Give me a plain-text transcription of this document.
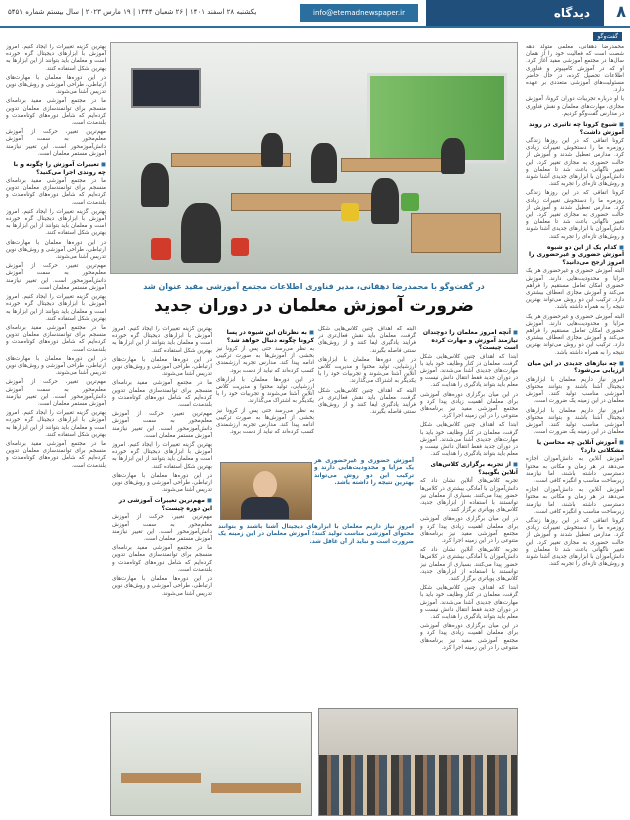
۸
دیدگاه
info@etemadnewspaper.ir
یکشنبه ۲۸ اسفند ۱۴۰۱ | ۲۶ شعبان ۱۴۴۴ | ۱۹ مارس ۲۰۲۳ | سال بیستم شماره ۵۴۵۱
گفت‌وگو

محمدرضا دهقانی، معلمی متولد دهه شصت است که فعالیت خود را از همان سال‌ها در مجتمع آموزشی مفید آغاز کرد. او که در آموزش کامپیوتر و فناوری اطلاعات تحصیل کرده، در حال حاضر مسئولیت‌های آموزشی متعددی بر عهده دارد.

با او درباره تجربیات دوران کرونا، آموزش مجازی، مهارت‌های معلمان و نقش فناوری در مدارس گفت‌وگو کردیم.

◼ شیوع کرونا چه تاثیری در روند آموزش داشت؟

کرونا اتفاقی که در این روزها زندگی روزمره ما را دستخوش تغییرات زیادی کرد. مدارس تعطیل شدند و آموزش از حالت حضوری به مجازی تغییر کرد. این تغییر ناگهانی باعث شد تا معلمان و دانش‌آموزان با ابزارهای جدیدی آشنا شوند و روش‌های تازه‌ای را تجربه کنند.

کرونا اتفاقی که در این روزها زندگی روزمره ما را دستخوش تغییرات زیادی کرد. مدارس تعطیل شدند و آموزش از حالت حضوری به مجازی تغییر کرد. این تغییر ناگهانی باعث شد تا معلمان و دانش‌آموزان با ابزارهای جدیدی آشنا شوند و روش‌های تازه‌ای را تجربه کنند.

◼ کدام یک از این دو شیوه آموزش حضوری و غیرحضوری را امروز ارجح می‌دانید؟

البته آموزش حضوری و غیرحضوری هر یک مزایا و محدودیت‌هایی دارند. آموزش حضوری امکان تعامل مستقیم را فراهم می‌کند و آموزش مجازی انعطاف بیشتری دارد. ترکیب این دو روش می‌تواند بهترین نتیجه را به همراه داشته باشد.

البته آموزش حضوری و غیرحضوری هر یک مزایا و محدودیت‌هایی دارند. آموزش حضوری امکان تعامل مستقیم را فراهم می‌کند و آموزش مجازی انعطاف بیشتری دارد. ترکیب این دو روش می‌تواند بهترین نتیجه را به همراه داشته باشد.

◼ چه نیازهای جدیدی در این میان ارزیابی می‌شود؟

امروز نیاز داریم معلمان با ابزارهای دیجیتال آشنا باشند و بتوانند محتوای آموزشی مناسب تولید کنند. آموزش معلمان در این زمینه یک ضرورت است.

امروز نیاز داریم معلمان با ابزارهای دیجیتال آشنا باشند و بتوانند محتوای آموزشی مناسب تولید کنند. آموزش معلمان در این زمینه یک ضرورت است.

◼ آموزش آنلاین چه محاسن یا مشکلاتی دارد؟

آموزش آنلاین به دانش‌آموزان اجازه می‌دهد در هر زمان و مکانی به محتوا دسترسی داشته باشند، اما نیازمند زیرساخت مناسب و انگیزه کافی است.

آموزش آنلاین به دانش‌آموزان اجازه می‌دهد در هر زمان و مکانی به محتوا دسترسی داشته باشند، اما نیازمند زیرساخت مناسب و انگیزه کافی است.

کرونا اتفاقی که در این روزها زندگی روزمره ما را دستخوش تغییرات زیادی کرد. مدارس تعطیل شدند و آموزش از حالت حضوری به مجازی تغییر کرد. این تغییر ناگهانی باعث شد تا معلمان و دانش‌آموزان با ابزارهای جدیدی آشنا شوند و روش‌های تازه‌ای را تجربه کنند.

در گفت‌وگو با محمدرضا دهقانی، مدیر فناوری اطلاعات مجتمع آموزشی مفید عنوان شد
ضرورت آموزش معلمان در دوران جدید
◼ آنچه امروز معلمان را دوچندان نیازمند آموزش و مهارت کرده است چیست؟

ابتدا که اهداف چنین کلاس‌هایی شکل گرفت، معلمان در کنار وظایف خود باید با مهارت‌های جدیدی آشنا می‌شدند. آموزش در دوران جدید فقط انتقال دانش نیست و معلم باید بتواند یادگیری را هدایت کند.

در این میان برگزاری دوره‌های آموزشی برای معلمان اهمیت زیادی پیدا کرد و مجتمع آموزشی مفید نیز برنامه‌های متنوعی را در این زمینه اجرا کرد.

ابتدا که اهداف چنین کلاس‌هایی شکل گرفت، معلمان در کنار وظایف خود باید با مهارت‌های جدیدی آشنا می‌شدند. آموزش در دوران جدید فقط انتقال دانش نیست و معلم باید بتواند یادگیری را هدایت کند.

◼ از تجربه برگزاری کلاس‌های آنلاین بگویید؟

تجربه کلاس‌های آنلاین نشان داد که دانش‌آموزان با آمادگی بیشتری در کلاس‌ها حضور پیدا می‌کنند. بسیاری از معلمان نیز توانستند با استفاده از ابزارهای جدید، کلاس‌های پویاتری برگزار کنند.

در این میان برگزاری دوره‌های آموزشی برای معلمان اهمیت زیادی پیدا کرد و مجتمع آموزشی مفید نیز برنامه‌های متنوعی را در این زمینه اجرا کرد.

تجربه کلاس‌های آنلاین نشان داد که دانش‌آموزان با آمادگی بیشتری در کلاس‌ها حضور پیدا می‌کنند. بسیاری از معلمان نیز توانستند با استفاده از ابزارهای جدید، کلاس‌های پویاتری برگزار کنند.

ابتدا که اهداف چنین کلاس‌هایی شکل گرفت، معلمان در کنار وظایف خود باید با مهارت‌های جدیدی آشنا می‌شدند. آموزش در دوران جدید فقط انتقال دانش نیست و معلم باید بتواند یادگیری را هدایت کند.

در این میان برگزاری دوره‌های آموزشی برای معلمان اهمیت زیادی پیدا کرد و مجتمع آموزشی مفید نیز برنامه‌های متنوعی را در این زمینه اجرا کرد.

البته که اهداف چنین کلاس‌هایی شکل گرفت، معلمان باید نقش فعال‌تری در فرایند یادگیری ایفا کنند و از روش‌های سنتی فاصله بگیرند.

در این دوره‌ها معلمان با ابزارهای ارزشیابی، تولید محتوا و مدیریت کلاس آنلاین آشنا می‌شوند و تجربیات خود را با یکدیگر به اشتراک می‌گذارند.

البته که اهداف چنین کلاس‌هایی شکل گرفت، معلمان باید نقش فعال‌تری در فرایند یادگیری ایفا کنند و از روش‌های سنتی فاصله بگیرند.

◼ به نظرتان این شیوه در پسا کرونا چگونه دنبال خواهد شد؟

به نظر می‌رسد حتی پس از کرونا نیز بخشی از آموزش‌ها به صورت ترکیبی ادامه پیدا کند. مدارس تجربه ارزشمندی کسب کرده‌اند که نباید از دست برود.

در این دوره‌ها معلمان با ابزارهای ارزشیابی، تولید محتوا و مدیریت کلاس آنلاین آشنا می‌شوند و تجربیات خود را با یکدیگر به اشتراک می‌گذارند.

به نظر می‌رسد حتی پس از کرونا نیز بخشی از آموزش‌ها به صورت ترکیبی ادامه پیدا کند. مدارس تجربه ارزشمندی کسب کرده‌اند که نباید از دست برود.

بهترین گزینه تغییرات را ایجاد کنیم. امروز آموزش با ابزارهای دیجیتال گره خورده است و معلمان باید بتوانند از این ابزارها به بهترین شکل استفاده کنند.

در این دوره‌ها معلمان با مهارت‌های ارتباطی، طراحی آموزشی و روش‌های نوین تدریس آشنا می‌شوند.

ما در مجتمع آموزشی مفید برنامه‌ای منسجم برای توانمندسازی معلمان تدوین کرده‌ایم که شامل دوره‌های کوتاه‌مدت و بلندمدت است.

مهم‌ترین تغییر، حرکت از آموزش معلم‌محور به سمت آموزش دانش‌آموزمحور است. این تغییر نیازمند آموزش مستمر معلمان است.

بهترین گزینه تغییرات را ایجاد کنیم. امروز آموزش با ابزارهای دیجیتال گره خورده است و معلمان باید بتوانند از این ابزارها به بهترین شکل استفاده کنند.

در این دوره‌ها معلمان با مهارت‌های ارتباطی، طراحی آموزشی و روش‌های نوین تدریس آشنا می‌شوند.

◼ مهم‌ترین تغییرات آموزشی در این دوره چیست؟

مهم‌ترین تغییر، حرکت از آموزش معلم‌محور به سمت آموزش دانش‌آموزمحور است. این تغییر نیازمند آموزش مستمر معلمان است.

ما در مجتمع آموزشی مفید برنامه‌ای منسجم برای توانمندسازی معلمان تدوین کرده‌ایم که شامل دوره‌های کوتاه‌مدت و بلندمدت است.

در این دوره‌ها معلمان با مهارت‌های ارتباطی، طراحی آموزشی و روش‌های نوین تدریس آشنا می‌شوند.

بهترین گزینه تغییرات را ایجاد کنیم. امروز آموزش با ابزارهای دیجیتال گره خورده است و معلمان باید بتوانند از این ابزارها به بهترین شکل استفاده کنند.

در این دوره‌ها معلمان با مهارت‌های ارتباطی، طراحی آموزشی و روش‌های نوین تدریس آشنا می‌شوند.

ما در مجتمع آموزشی مفید برنامه‌ای منسجم برای توانمندسازی معلمان تدوین کرده‌ایم که شامل دوره‌های کوتاه‌مدت و بلندمدت است.

مهم‌ترین تغییر، حرکت از آموزش معلم‌محور به سمت آموزش دانش‌آموزمحور است. این تغییر نیازمند آموزش مستمر معلمان است.

◼ تغییرات آموزش را چگونه و با چه روندی اجرا می‌کنید؟

ما در مجتمع آموزشی مفید برنامه‌ای منسجم برای توانمندسازی معلمان تدوین کرده‌ایم که شامل دوره‌های کوتاه‌مدت و بلندمدت است.

بهترین گزینه تغییرات را ایجاد کنیم. امروز آموزش با ابزارهای دیجیتال گره خورده است و معلمان باید بتوانند از این ابزارها به بهترین شکل استفاده کنند.

در این دوره‌ها معلمان با مهارت‌های ارتباطی، طراحی آموزشی و روش‌های نوین تدریس آشنا می‌شوند.

مهم‌ترین تغییر، حرکت از آموزش معلم‌محور به سمت آموزش دانش‌آموزمحور است. این تغییر نیازمند آموزش مستمر معلمان است.

بهترین گزینه تغییرات را ایجاد کنیم. امروز آموزش با ابزارهای دیجیتال گره خورده است و معلمان باید بتوانند از این ابزارها به بهترین شکل استفاده کنند.

ما در مجتمع آموزشی مفید برنامه‌ای منسجم برای توانمندسازی معلمان تدوین کرده‌ایم که شامل دوره‌های کوتاه‌مدت و بلندمدت است.

در این دوره‌ها معلمان با مهارت‌های ارتباطی، طراحی آموزشی و روش‌های نوین تدریس آشنا می‌شوند.

مهم‌ترین تغییر، حرکت از آموزش معلم‌محور به سمت آموزش دانش‌آموزمحور است. این تغییر نیازمند آموزش مستمر معلمان است.

بهترین گزینه تغییرات را ایجاد کنیم. امروز آموزش با ابزارهای دیجیتال گره خورده است و معلمان باید بتوانند از این ابزارها به بهترین شکل استفاده کنند.

ما در مجتمع آموزشی مفید برنامه‌ای منسجم برای توانمندسازی معلمان تدوین کرده‌ایم که شامل دوره‌های کوتاه‌مدت و بلندمدت است.

آموزش حضوری و غیرحضوری هر یک مزایا و محدودیت‌هایی دارند و ترکیب این دو روش می‌تواند بهترین نتیجه را داشته باشد.

امروز نیاز داریم معلمان با ابزارهای دیجیتال آشنا باشند و بتوانند محتوای آموزشی مناسب تولید کنند؛ آموزش معلمان در این زمینه یک ضرورت است و نباید از آن غافل شد.
